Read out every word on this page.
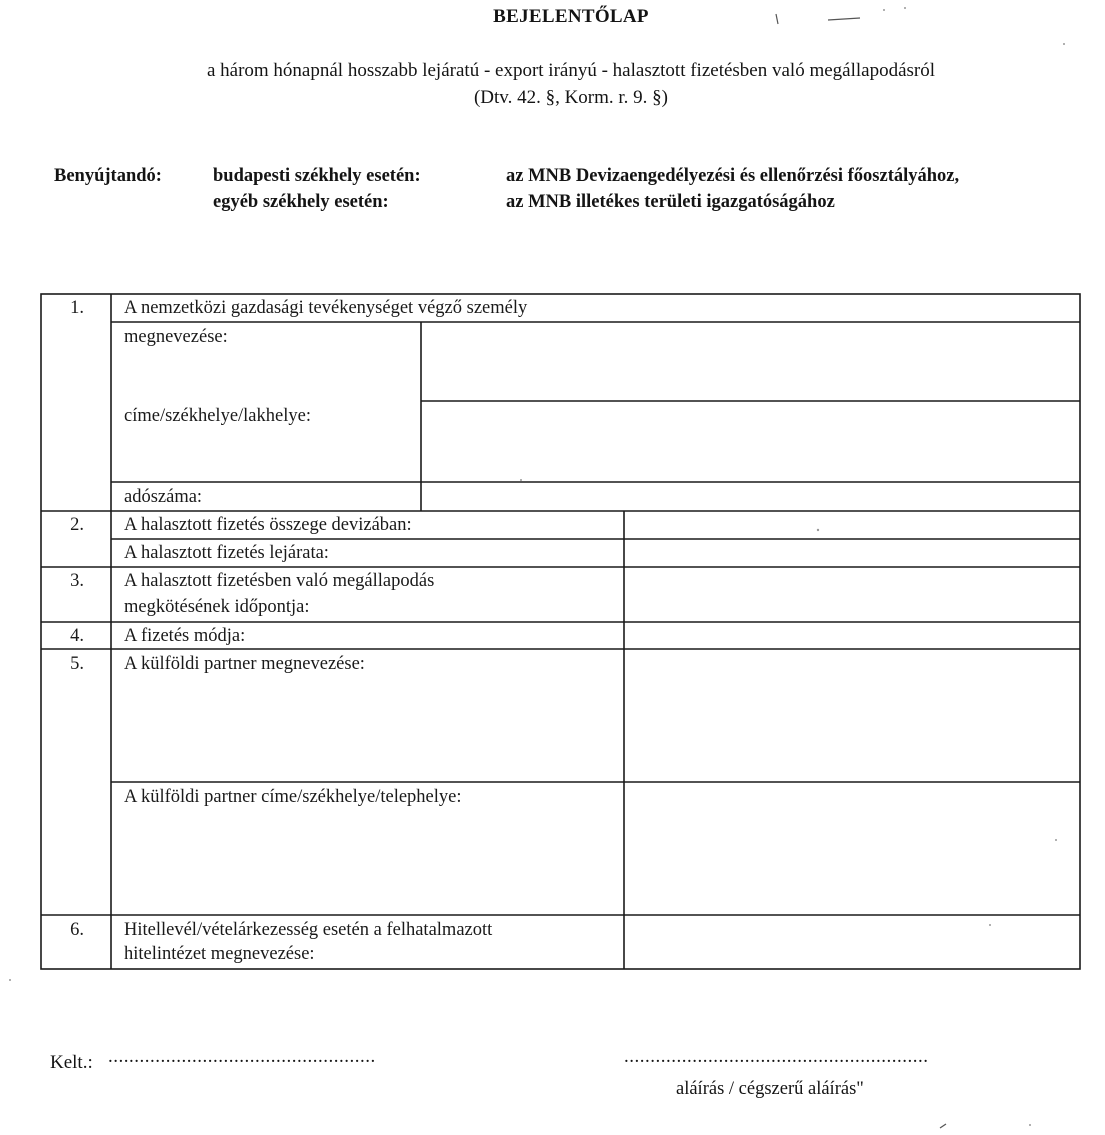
BEJELENTŐLAP
a három hónapnál hosszabb lejáratú - export irányú - halasztott fizetésben való megállapodásról
(Dtv. 42. §, Korm. r. 9. §)
Benyújtandó:	budapesti székhely esetén:	az MNB Devizaengedélyezési és ellenőrzési főosztályához,
egyéb székhely esetén:	az MNB illetékes területi igazgatóságához
1.	A nemzetközi gazdasági tevékenységet végző személy
megnevezése:
címe/székhelye/lakhelye:
adószáma:
2.	A halasztott fizetés összege devizában:
A halasztott fizetés lejárata:
3.	A halasztott fizetésben való megállapodás
megkötésének időpontja:
4.	A fizetés módja:
5.	A külföldi partner megnevezése:
A külföldi partner címe/székhelye/telephelye:
6.	Hitellevél/vételárkezesség esetén a felhatalmazott
hitelintézet megnevezése:
Kelt.: ...................................................	..........................................................
aláírás / cégszerű aláírás"
